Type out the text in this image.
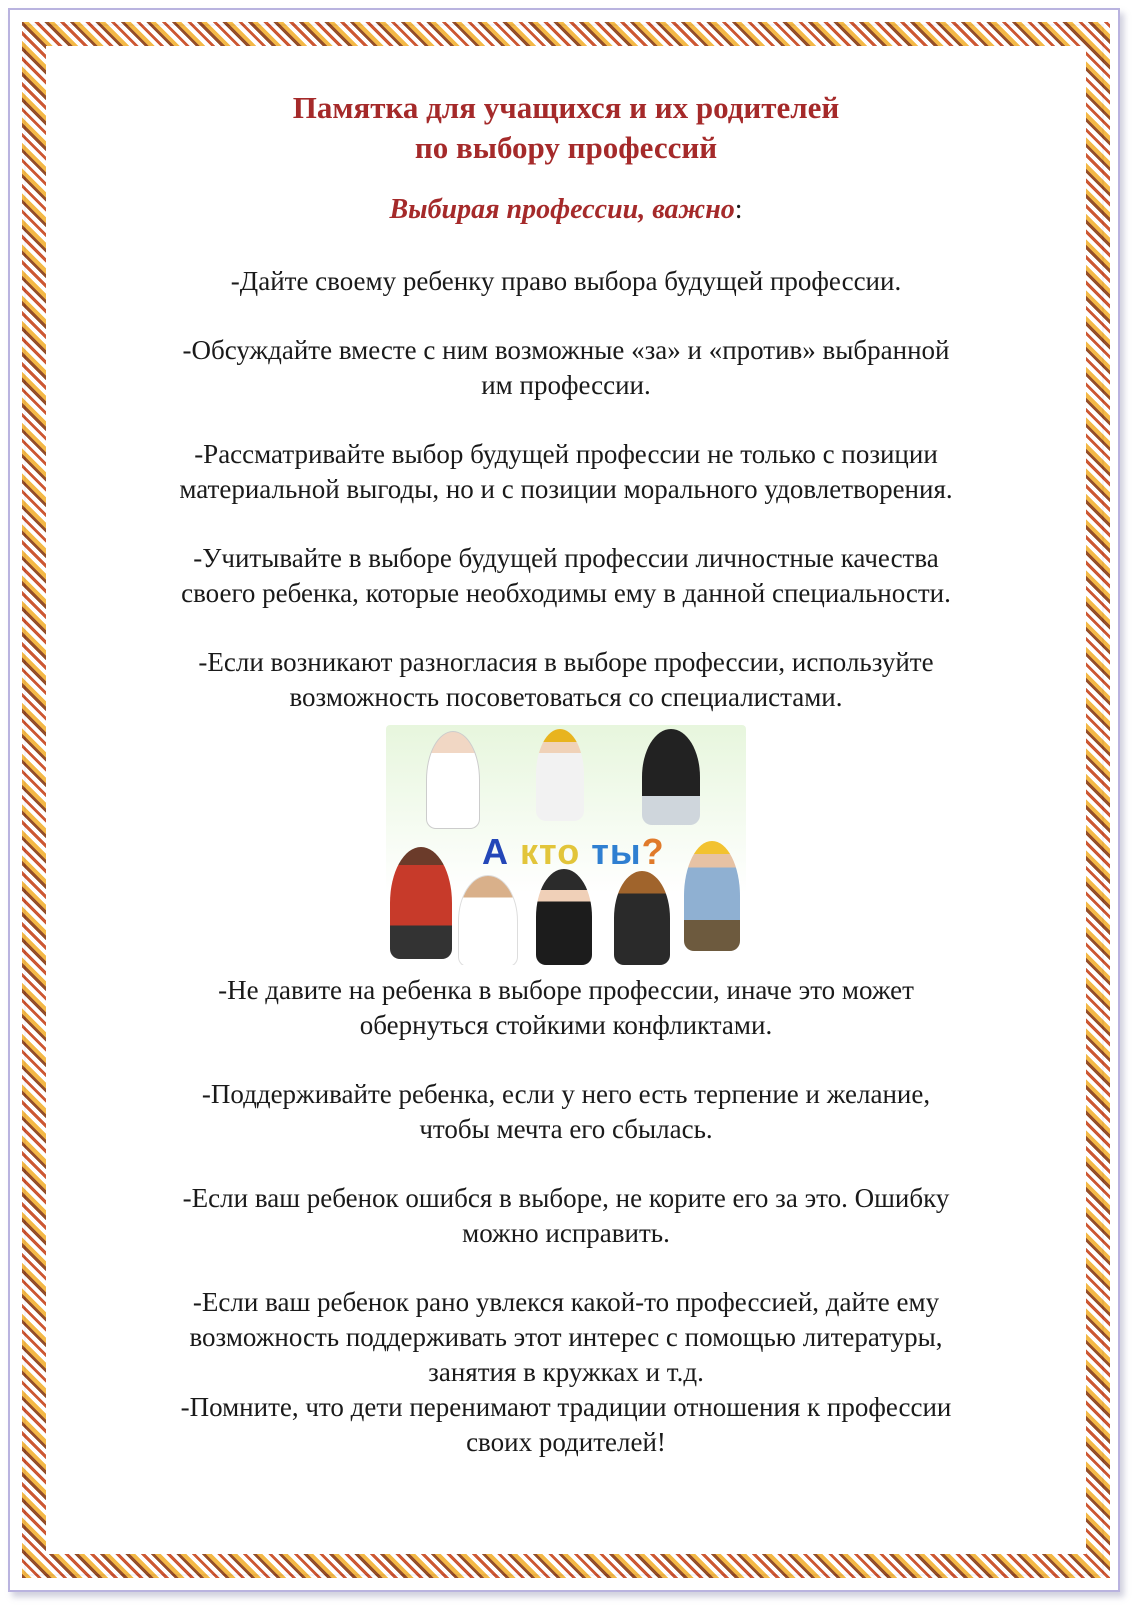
Памятка для учащихся и их родителей
по выбору профессий
Выбирая профессии, важно:

-Дайте своему ребенку право выбора будущей профессии.

-Обсуждайте вместе с ним возможные «за» и «против» выбранной

им профессии.

-Рассматривайте выбор будущей профессии не только с позиции

материальной выгоды, но и с позиции морального удовлетворения.

-Учитывайте в выборе будущей профессии личностные качества

своего ребенка, которые необходимы ему в данной специальности.

-Если возникают разногласия в выборе профессии, используйте

возможность посоветоваться со специалистами.

А кто ты?

-Не давите на ребенка в выборе профессии, иначе это может

обернуться стойкими конфликтами.

-Поддерживайте ребенка, если у него есть терпение и желание,

чтобы мечта его сбылась.

-Если ваш ребенок ошибся в выборе, не корите его за это. Ошибку

можно исправить.

-Если ваш ребенок рано увлекся какой-то профессией, дайте ему

возможность поддерживать этот интерес с помощью литературы,

занятия в кружках и т.д.

-Помните, что дети перенимают традиции отношения к профессии

своих родителей!
